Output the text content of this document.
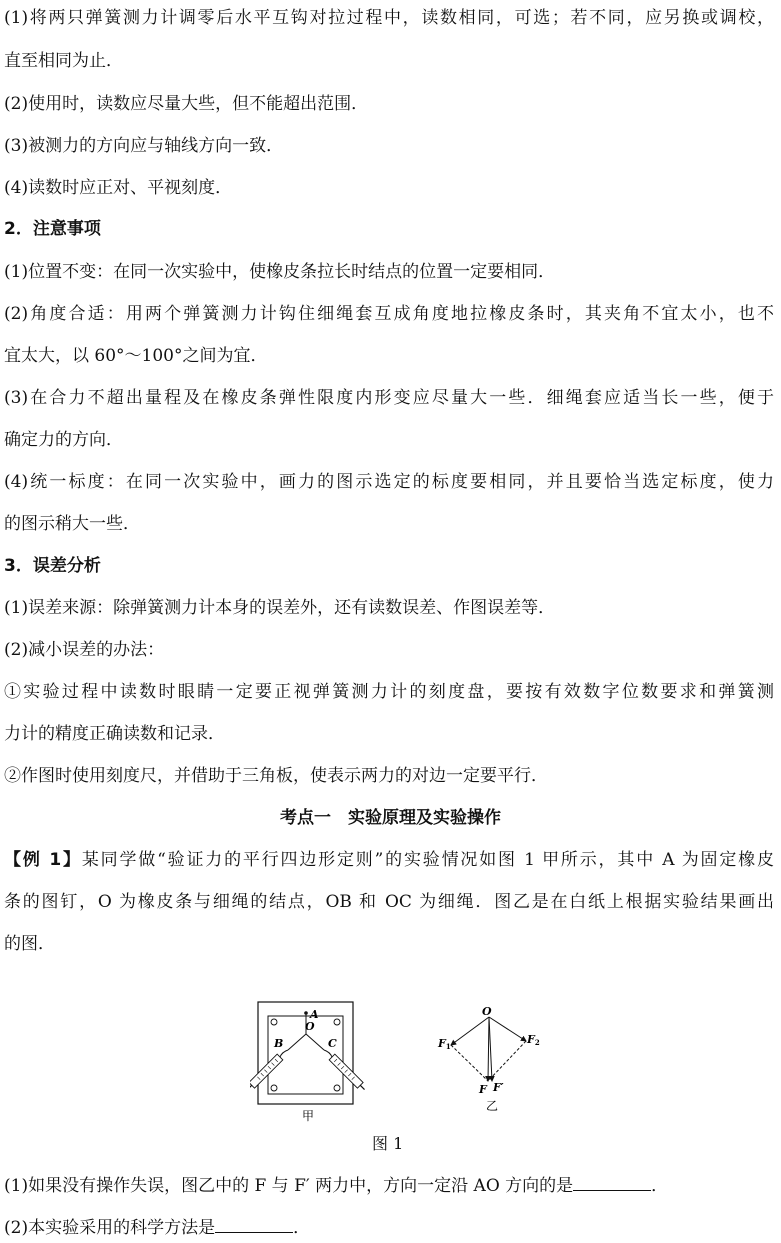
(1)将两只弹簧测力计调零后水平互钩对拉过程中，读数相同，可选；若不同，应另换或调校，
直至相同为止．
(2)使用时，读数应尽量大些，但不能超出范围．
(3)被测力的方向应与轴线方向一致．
(4)读数时应正对、平视刻度．
2．注意事项
(1)位置不变：在同一次实验中，使橡皮条拉长时结点的位置一定要相同．
(2)角度合适：用两个弹簧测力计钩住细绳套互成角度地拉橡皮条时，其夹角不宜太小，也不
宜太大，以 60°～100°之间为宜．
(3)在合力不超出量程及在橡皮条弹性限度内形变应尽量大一些．细绳套应适当长一些，便于
确定力的方向．
(4)统一标度：在同一次实验中，画力的图示选定的标度要相同，并且要恰当选定标度，使力
的图示稍大一些．
3．误差分析
(1)误差来源：除弹簧测力计本身的误差外，还有读数误差、作图误差等．
(2)减小误差的办法：
①实验过程中读数时眼睛一定要正视弹簧测力计的刻度盘，要按有效数字位数要求和弹簧测
力计的精度正确读数和记录．
②作图时使用刻度尺，并借助于三角板，使表示两力的对边一定要平行．
考点一　实验原理及实验操作
【例 1】某同学做“验证力的平行四边形定则”的实验情况如图 1 甲所示，其中 A 为固定橡皮
条的图钉，O 为橡皮条与细绳的结点，OB 和 OC 为细绳．图乙是在白纸上根据实验结果画出
的图．
A
O
B	C
甲
O
F1
F2
F F′
乙
图 1
(1)如果没有操作失误，图乙中的 F 与 F′ 两力中，方向一定沿 AO 方向的是	．
(2)本实验采用的科学方法是	．
